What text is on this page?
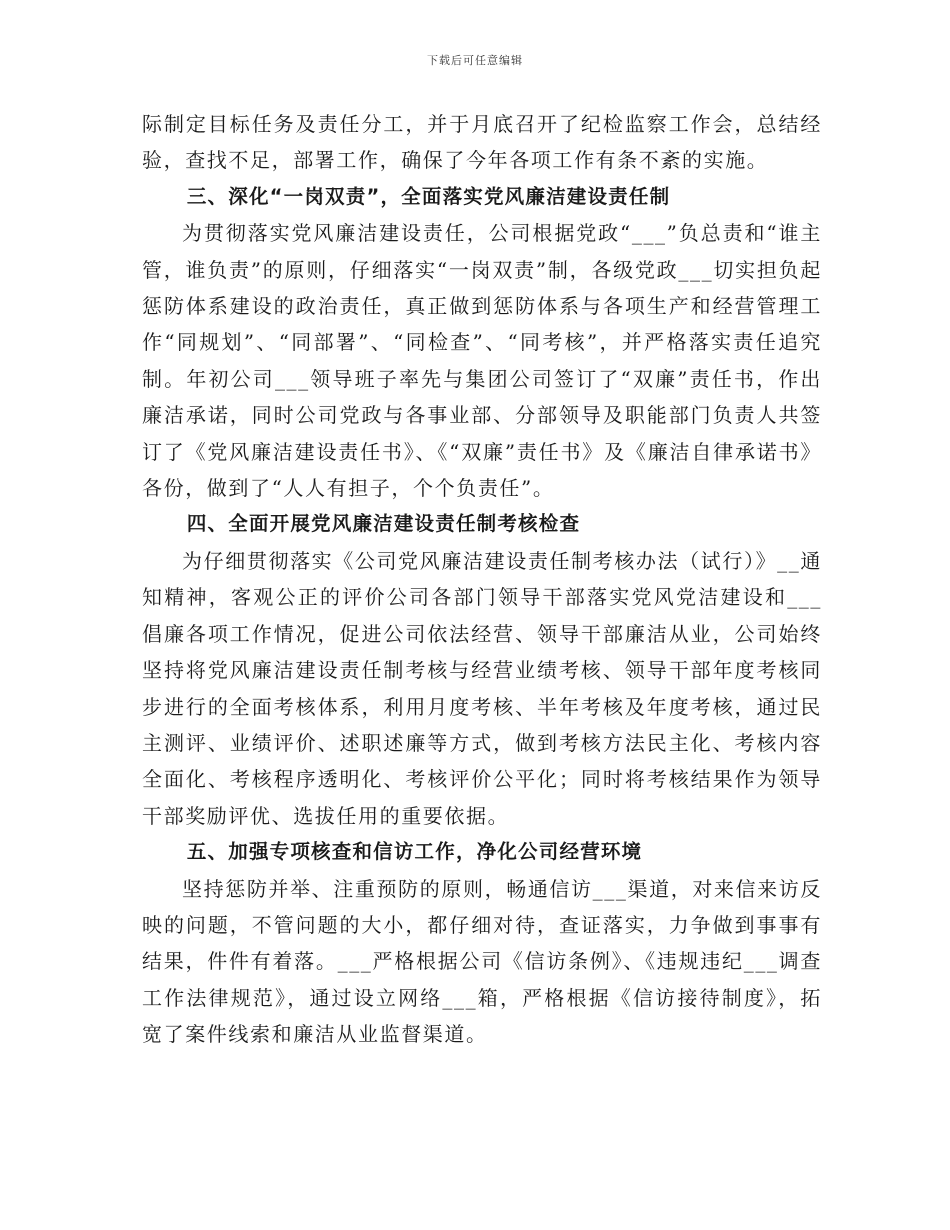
下载后可任意编辑

际制定目标任务及责任分工，并于月底召开了纪检监察工作会，总结经验，查找不足，部署工作，确保了今年各项工作有条不紊的实施。

三、深化“一岗双责”，全面落实党风廉洁建设责任制

为贯彻落实党风廉洁建设责任，公司根据党政“___”负总责和“谁主管，谁负责”的原则，仔细落实“一岗双责”制，各级党政___切实担负起惩防体系建设的政治责任，真正做到惩防体系与各项生产和经营管理工作“同规划”、“同部署”、“同检查”、“同考核”，并严格落实责任追究制。年初公司___领导班子率先与集团公司签订了“双廉”责任书，作出廉洁承诺，同时公司党政与各事业部、分部领导及职能部门负责人共签订了《党风廉洁建设责任书》、《“双廉”责任书》及《廉洁自律承诺书》各份，做到了“人人有担子，个个负责任”。

四、全面开展党风廉洁建设责任制考核检查

为仔细贯彻落实《公司党风廉洁建设责任制考核办法（试行）》__通知精神，客观公正的评价公司各部门领导干部落实党风党洁建设和___倡廉各项工作情况，促进公司依法经营、领导干部廉洁从业，公司始终坚持将党风廉洁建设责任制考核与经营业绩考核、领导干部年度考核同步进行的全面考核体系，利用月度考核、半年考核及年度考核，通过民主测评、业绩评价、述职述廉等方式，做到考核方法民主化、考核内容全面化、考核程序透明化、考核评价公平化；同时将考核结果作为领导干部奖励评优、选拔任用的重要依据。

五、加强专项核查和信访工作，净化公司经营环境

坚持惩防并举、注重预防的原则，畅通信访___渠道，对来信来访反映的问题，不管问题的大小，都仔细对待，查证落实，力争做到事事有结果，件件有着落。___严格根据公司《信访条例》、《违规违纪___调查工作法律规范》，通过设立网络___箱，严格根据《信访接待制度》，拓宽了案件线索和廉洁从业监督渠道。
